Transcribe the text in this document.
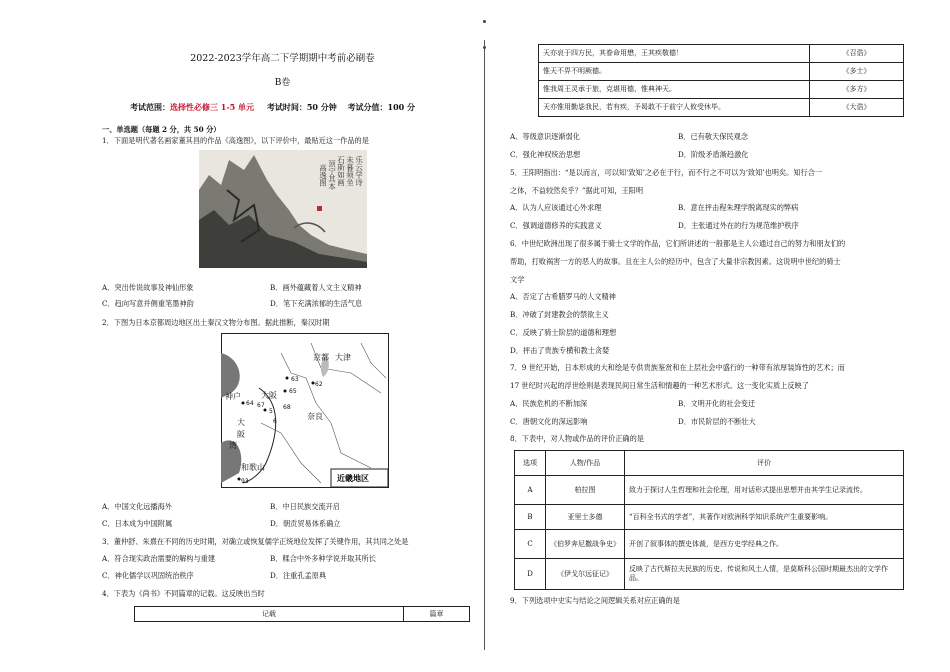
2022-2023学年高二下学期期中考前必刷卷
B卷
考试范围：选择性必修三 1-5 单元 考试时间：50 分钟 考试分值：100 分
一、单选题（每题 2 分，共 50 分）
1．下面是明代著名画家董其昌的作品《高逸图》，以下评价中，最贴近这一作品的是
乐云学诗
未暮须坐
石斯如画
顶宁其本
高逸图
A．突出传说故事及神仙形象	B．画外蕴藏着人文主义精神
C．趋向写意并侧重笔墨神韵	D．笔下充满浓郁的生活气息
2．下图为日本京都周边地区出土秦汉文物分布图。据此推断，秦汉时期
京都 大津
神户	大阪
奈良
和歌山
大
阪
湾
62
63
64
65
67	68
93
5
6
近畿地区
A．中国文化远播海外	B．中日民族交流开启
C．日本成为中国附属	D．朝贡贸易体系确立
3．董仲舒、朱熹在不同的历史时期，对确立或恢复儒学正统地位发挥了关键作用，其共同之处是
A．符合现实政治需要的解构与重建	B．糅合中外多种学说并取其所长
C．神化儒学以巩固统治秩序	D．注重孔孟原典
4．下表为《尚书》不同篇章的记载。这反映出当时
记载	篇章
天亦哀于四方民，其眷命用懋，王其疾敬德！	《召诰》
惟天不畀不明厥德。	《多士》
惟我周王灵承于旅，克堪用德，惟典神天。	《多方》
天亦惟用勤毖我民，若有疾，予曷敢不于前宁人攸受休毕。	《大诰》
A．等级意识逐渐弱化	B．已有敬天保民观念
C．强化神权统治思想	D．阶级矛盾渐趋激化
5．王阳明指出：“是以而言，可以知‘致知’之必在于行，而不行之不可以为‘致知’也明矣。知行合一
之体，不益较然矣乎？”据此可知，王阳明
A．认为人应该通过心外求理	B．意在抨击程朱理学脱离现实的弊病
C．强调道德修养的实践意义	D．主张通过外在的行为规范维护秩序
6．中世纪欧洲出现了很多属于骑士文学的作品，它们所讲述的一般都是主人公通过自己的努力和朋友们的
帮助，打败祸害一方的恶人的故事。且在主人公的经历中，包含了大量非宗教因素。这说明中世纪的骑士
文学
A．否定了古希腊罗马的人文精神
B．冲破了封建教会的禁欲主义
C．反映了骑士阶层的道德和理想
D．抨击了贵族专横和教士贪婪
7．9 世纪开始，日本形成的大和绘是专供贵族鉴赏和在上层社会中盛行的一种带有浓厚装饰性的艺术；而
17 世纪时兴起的浮世绘则是表现民间日常生活和情趣的一种艺术形式。这一变化实质上反映了
A．民族危机的不断加深	B．文明开化的社会变迁
C．唐朝文化的深远影响	D．市民阶层的不断壮大
8．下表中，对人物或作品的评价正确的是
选项	人物/作品	评价
A	柏拉图	致力于探讨人生哲理和社会伦理，用对话形式提出思想并由其学生记录流传。
B	亚里士多德	“百科全书式的学者”，其著作对欧洲科学知识系统产生重要影响。
C	《伯罗奔尼撒战争史》	开创了叙事体的撰史体裁，是西方史学经典之作。
D	《伊戈尔远征记》	反映了古代斯拉夫民族的历史、传说和风土人情，是莫斯科公国时期最杰出的文学作品。
9．下列选项中史实与结论之间逻辑关系对应正确的是
